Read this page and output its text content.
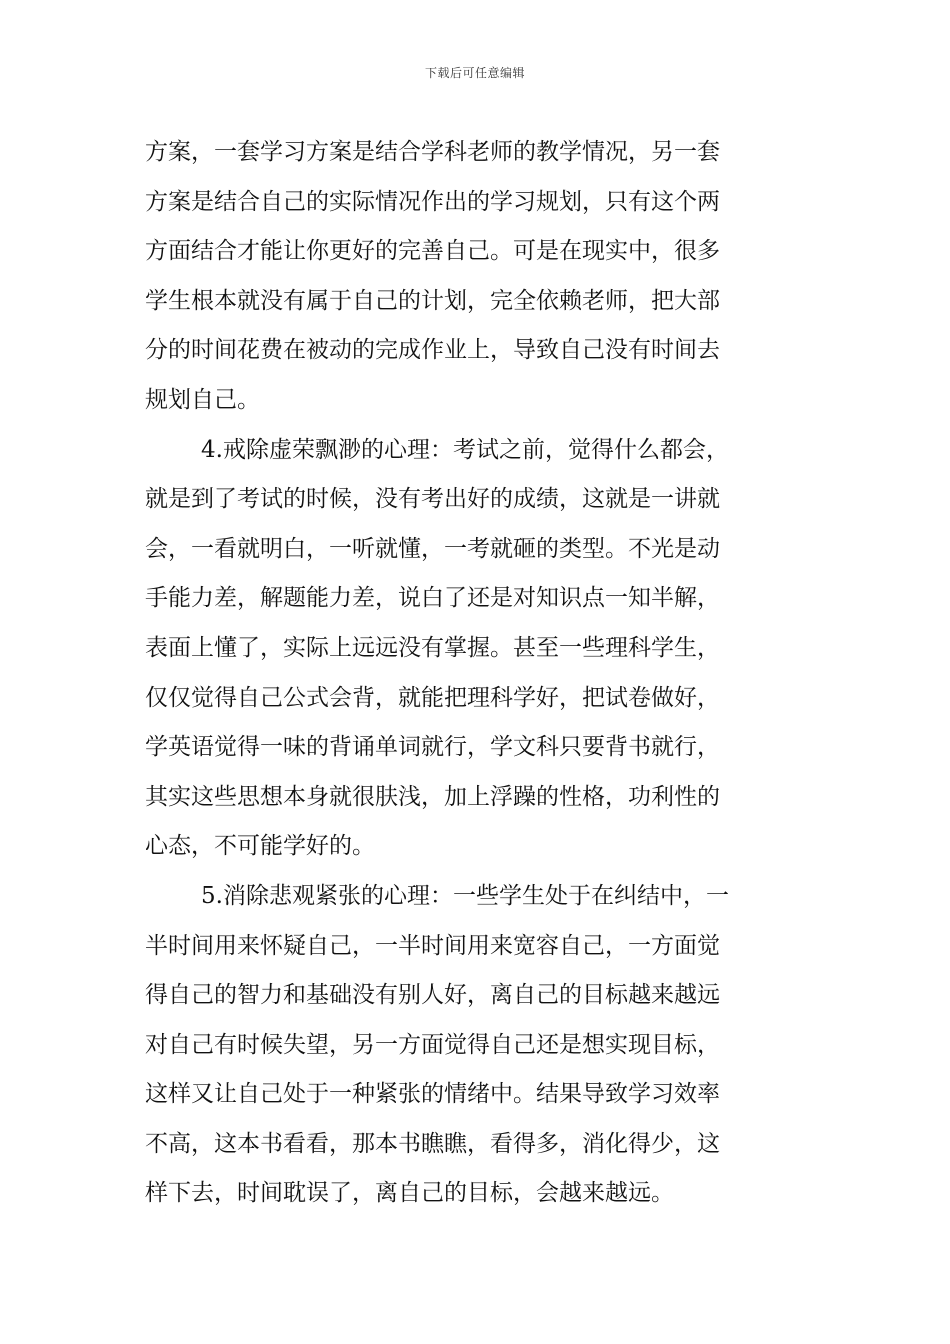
下载后可任意编辑
方案，一套学习方案是结合学科老师的教学情况，另一套
方案是结合自己的实际情况作出的学习规划，只有这个两
方面结合才能让你更好的完善自己。可是在现实中，很多
学生根本就没有属于自己的计划，完全依赖老师，把大部
分的时间花费在被动的完成作业上，导致自己没有时间去
规划自己。
4.戒除虚荣飘渺的心理：考试之前，觉得什么都会，
就是到了考试的时候，没有考出好的成绩，这就是一讲就
会，一看就明白，一听就懂，一考就砸的类型。不光是动
手能力差，解题能力差，说白了还是对知识点一知半解，
表面上懂了，实际上远远没有掌握。甚至一些理科学生，
仅仅觉得自己公式会背，就能把理科学好，把试卷做好，
学英语觉得一味的背诵单词就行，学文科只要背书就行，
其实这些思想本身就很肤浅，加上浮躁的性格，功利性的
心态，不可能学好的。
5.消除悲观紧张的心理：一些学生处于在纠结中，一
半时间用来怀疑自己，一半时间用来宽容自己，一方面觉
得自己的智力和基础没有别人好，离自己的目标越来越远
对自己有时候失望，另一方面觉得自己还是想实现目标，
这样又让自己处于一种紧张的情绪中。结果导致学习效率
不高，这本书看看，那本书瞧瞧，看得多，消化得少，这
样下去，时间耽误了，离自己的目标，会越来越远。
